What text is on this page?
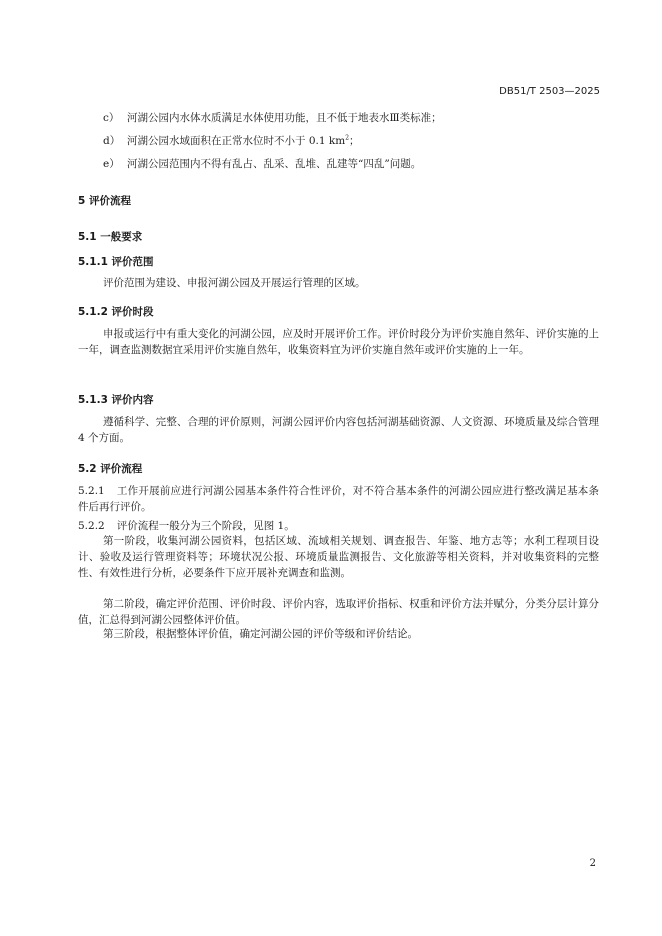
DB51/T 2503—2025
c） 河湖公园内水体水质满足水体使用功能，且不低于地表水Ⅲ类标准；
d） 河湖公园水域面积在正常水位时不小于 0.1 $km^2$；
e） 河湖公园范围内不得有乱占、乱采、乱堆、乱建等“四乱”问题。
5 评价流程
5.1 一般要求
5.1.1 评价范围
评价范围为建设、申报河湖公园及开展运行管理的区域。
5.1.2 评价时段
申报或运行中有重大变化的河湖公园，应及时开展评价工作。评价时段分为评价实施自然年、评价实施的上一年，调查监测数据宜采用评价实施自然年，收集资料宜为评价实施自然年或评价实施的上一年。
5.1.3 评价内容
遵循科学、完整、合理的评价原则，河湖公园评价内容包括河湖基础资源、人文资源、环境质量及综合管理 4 个方面。
5.2 评价流程
5.2.1 工作开展前应进行河湖公园基本条件符合性评价，对不符合基本条件的河湖公园应进行整改满足基本条件后再行评价。
5.2.2 评价流程一般分为三个阶段，见图 1。
第一阶段，收集河湖公园资料，包括区域、流域相关规划、调查报告、年鉴、地方志等；水利工程项目设计、验收及运行管理资料等；环境状况公报、环境质量监测报告、文化旅游等相关资料，并对收集资料的完整性、有效性进行分析，必要条件下应开展补充调查和监测。
第二阶段，确定评价范围、评价时段、评价内容，选取评价指标、权重和评价方法并赋分，分类分层计算分值，汇总得到河湖公园整体评价值。
第三阶段，根据整体评价值，确定河湖公园的评价等级和评价结论。
2
